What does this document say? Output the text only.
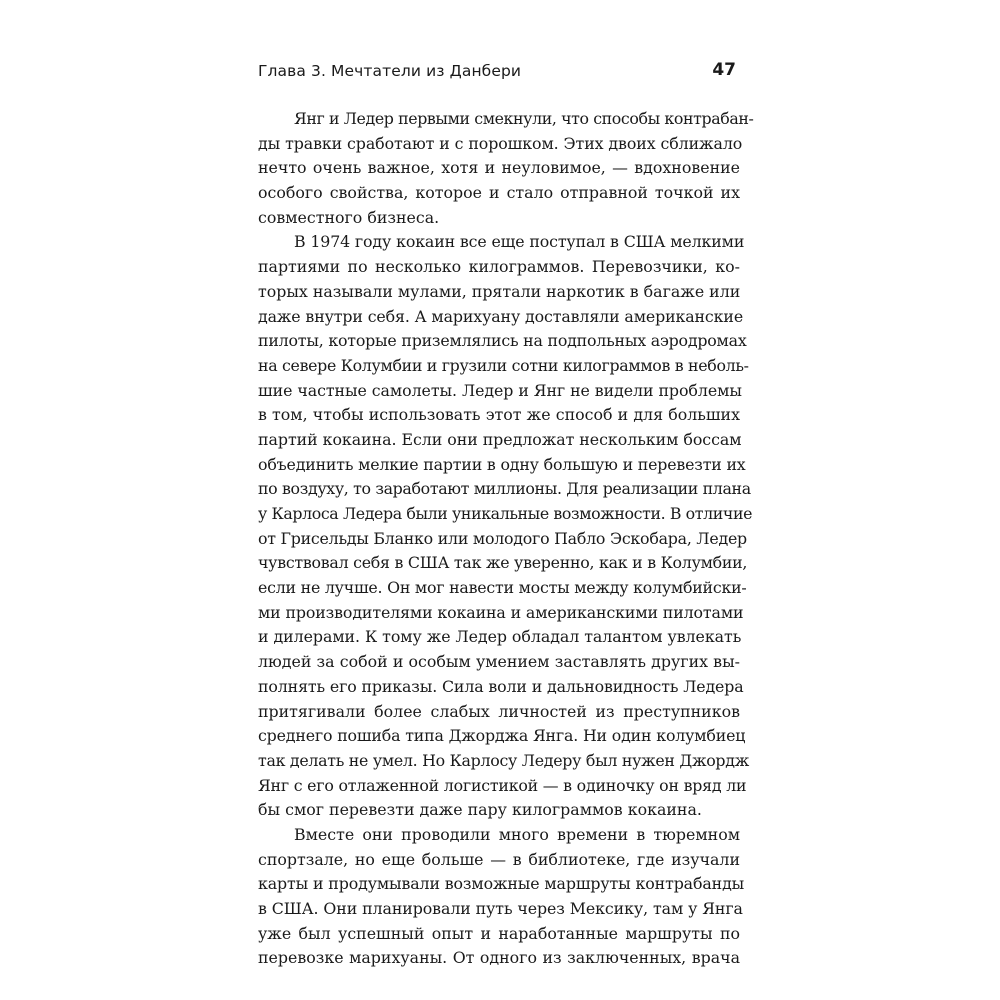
Глава 3. Мечтатели из Данбери	47
Янг и Ледер первыми смекнули, что способы контрабан-
ды травки сработают и с порошком. Этих двоих сближало
нечто очень важное, хотя и неуловимое, — вдохновение
особого свойства, которое и стало отправной точкой их
совместного бизнеса.
В 1974 году кокаин все еще поступал в США мелкими
партиями по несколько килограммов. Перевозчики, ко-
торых называли мулами, прятали наркотик в багаже или
даже внутри себя. А марихуану доставляли американские
пилоты, которые приземлялись на подпольных аэродромах
на севере Колумбии и грузили сотни килограммов в неболь-
шие частные самолеты. Ледер и Янг не видели проблемы
в том, чтобы использовать этот же способ и для больших
партий кокаина. Если они предложат нескольким боссам
объединить мелкие партии в одну большую и перевезти их
по воздуху, то заработают миллионы. Для реализации плана
у Карлоса Ледера были уникальные возможности. В отличие
от Грисельды Бланко или молодого Пабло Эскобара, Ледер
чувствовал себя в США так же уверенно, как и в Колумбии,
если не лучше. Он мог навести мосты между колумбийски-
ми производителями кокаина и американскими пилотами
и дилерами. К тому же Ледер обладал талантом увлекать
людей за собой и особым умением заставлять других вы-
полнять его приказы. Сила воли и дальновидность Ледера
притягивали более слабых личностей из преступников
среднего пошиба типа Джорджа Янга. Ни один колумбиец
так делать не умел. Но Карлосу Ледеру был нужен Джордж
Янг с его отлаженной логистикой — в одиночку он вряд ли
бы смог перевезти даже пару килограммов кокаина.
Вместе они проводили много времени в тюремном
спортзале, но еще больше — в библиотеке, где изучали
карты и продумывали возможные маршруты контрабанды
в США. Они планировали путь через Мексику, там у Янга
уже был успешный опыт и наработанные маршруты по
перевозке марихуаны. От одного из заключенных, врача
